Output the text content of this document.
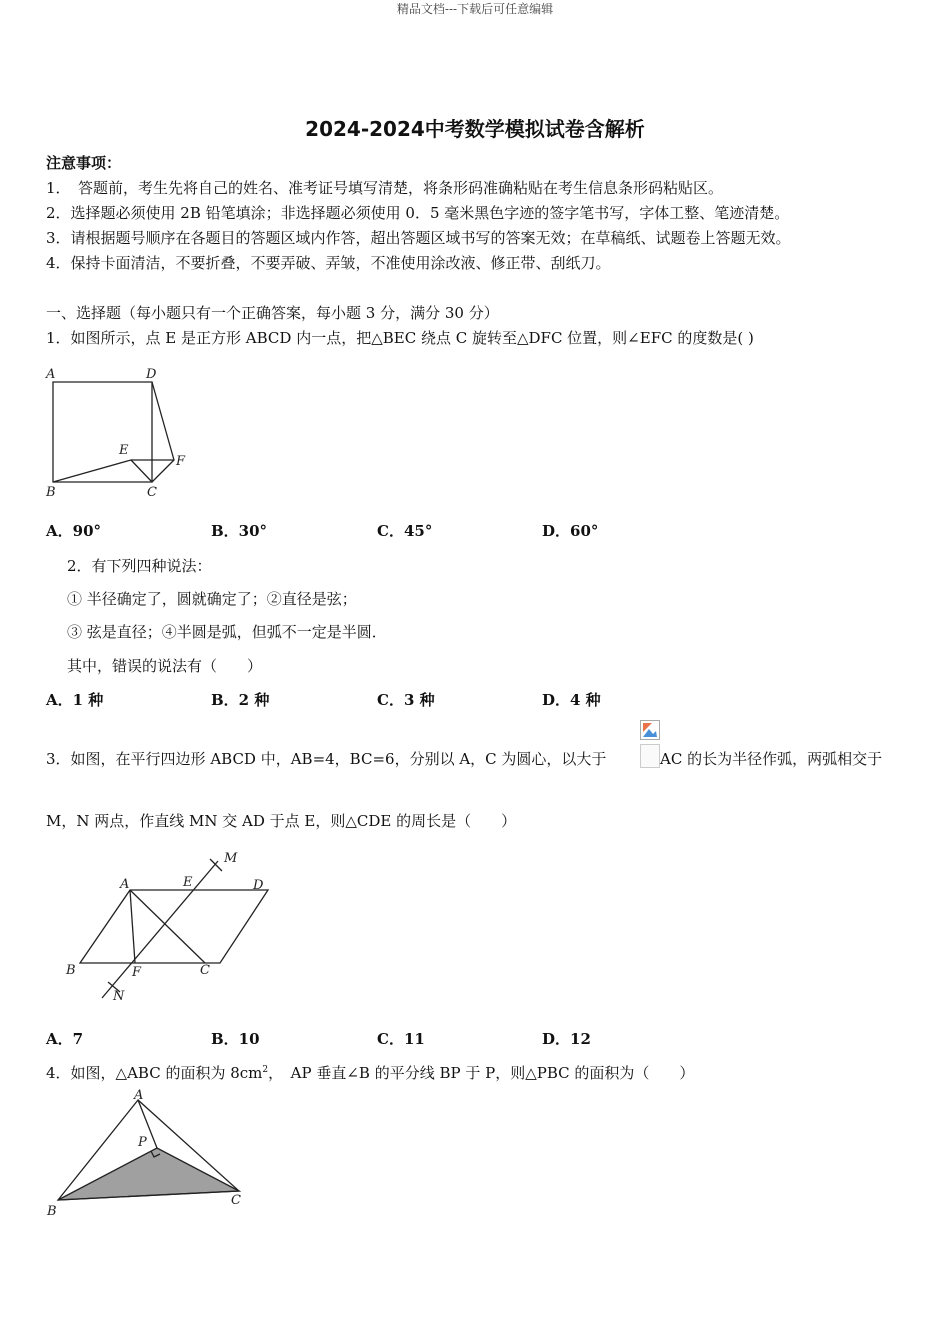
精品文档---下载后可任意编辑
2024-2024中考数学模拟试卷含解析
注意事项：
1．　答题前，考生先将自己的姓名、准考证号填写清楚，将条形码准确粘贴在考生信息条形码粘贴区。
2．选择题必须使用 2B 铅笔填涂；非选择题必须使用 0．5 毫米黑色字迹的签字笔书写，字体工整、笔迹清楚。
3．请根据题号顺序在各题目的答题区域内作答，超出答题区域书写的答案无效；在草稿纸、试题卷上答题无效。
4．保持卡面清洁，不要折叠，不要弄破、弄皱，不准使用涂改液、修正带、刮纸刀。
一、选择题（每小题只有一个正确答案，每小题 3 分，满分 30 分）
1．如图所示，点 E 是正方形 ABCD 内一点，把△BEC 绕点 C 旋转至△DFC 位置，则∠EFC 的度数是( )
A	D
B	C
E
F
A．90°	B．30°	C．45°	D．60°
2．有下列四种说法：
① 半径确定了，圆就确定了；②直径是弦；
③ 弦是直径；④半圆是弧，但弧不一定是半圆．
其中，错误的说法有（　　）
A．1 种	B．2 种	C．3 种	D．4 种
3．如图，在平行四边形 ABCD 中，AB=4，BC=6，分别以 A，C 为圆心，以大于	AC 的长为半径作弧，两弧相交于
M，N 两点，作直线 MN 交 AD 于点 E，则△CDE 的周长是（　　）
M
A	E	D
B	F	C
N
A．7	B．10	C．11	D．12
4．如图，△ABC 的面积为 $8cm^2$，　AP 垂直∠B 的平分线 BP 于 P，则△PBC 的面积为（　　）
A
P
B
C
